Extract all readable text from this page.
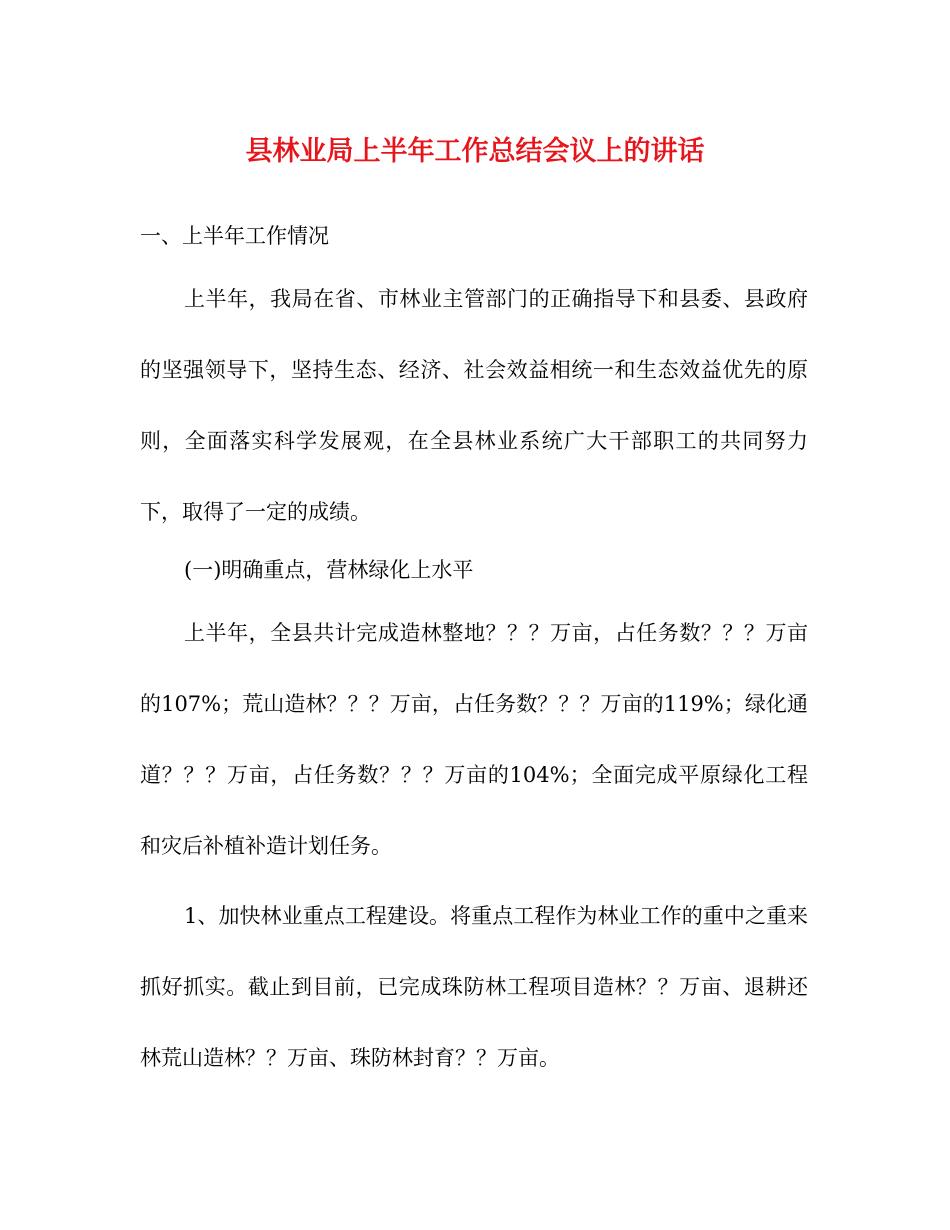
县林业局上半年工作总结会议上的讲话

一、上半年工作情况

上半年，我局在省、市林业主管部门的正确指导下和县委、县政府的坚强领导下，坚持生态、经济、社会效益相统一和生态效益优先的原则，全面落实科学发展观，在全县林业系统广大干部职工的共同努力下，取得了一定的成绩。

(一)明确重点，营林绿化上水平

上半年，全县共计完成造林整地？？？万亩，占任务数？？？万亩的107%；荒山造林？？？万亩，占任务数？？？万亩的119%；绿化通道？？？万亩，占任务数？？？万亩的104%；全面完成平原绿化工程和灾后补植补造计划任务。

1、加快林业重点工程建设。将重点工程作为林业工作的重中之重来抓好抓实。截止到目前，已完成珠防林工程项目造林？？万亩、退耕还林荒山造林？？万亩、珠防林封育？？万亩。
